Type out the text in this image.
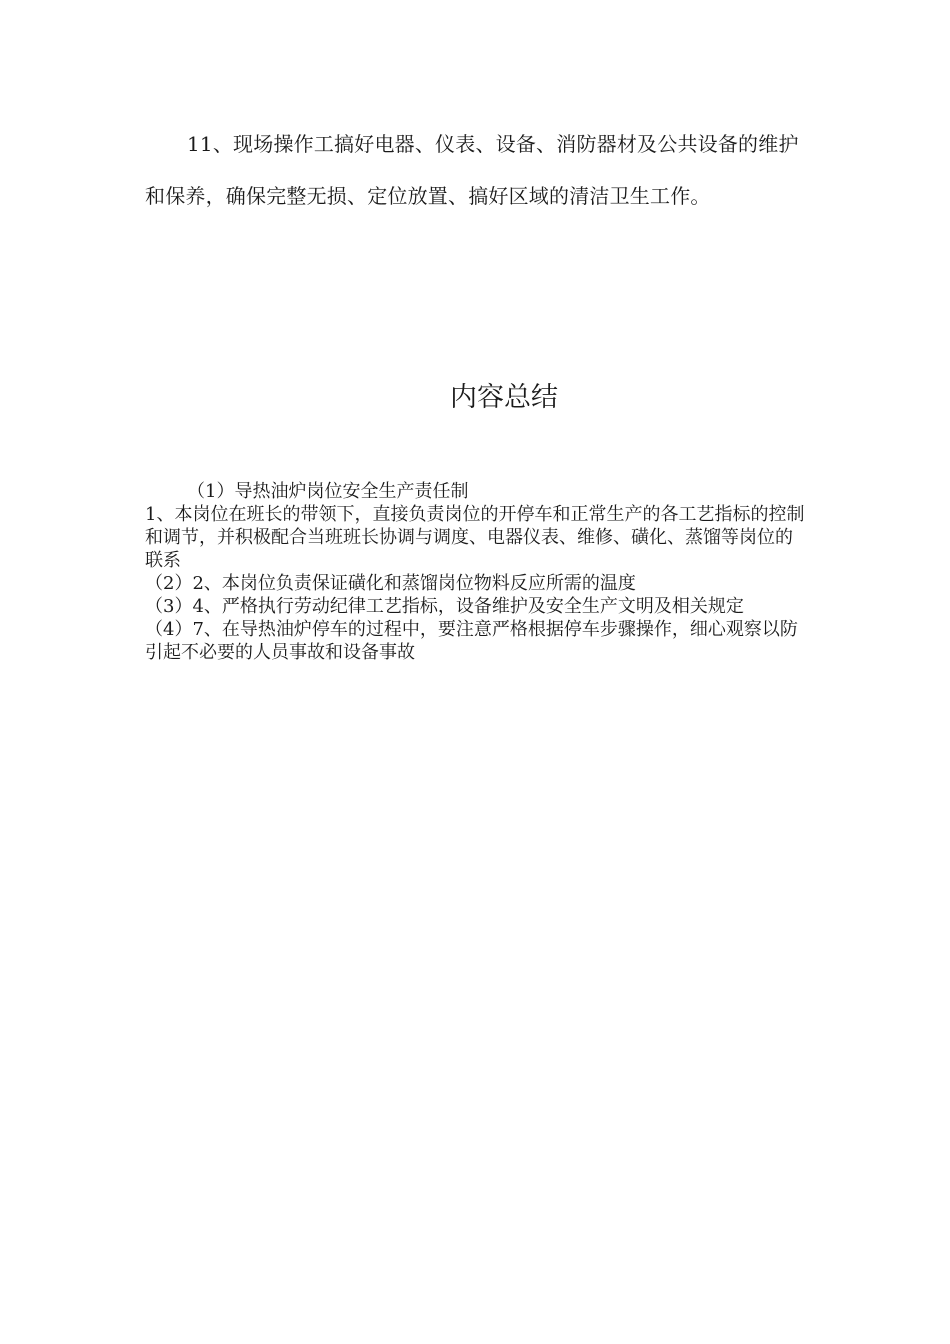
11、现场操作工搞好电器、仪表、设备、消防器材及公共设备的维护和保养，确保完整无损、定位放置、搞好区域的清洁卫生工作。

内容总结

（1）导热油炉岗位安全生产责任制

1、本岗位在班长的带领下，直接负责岗位的开停车和正常生产的各工艺指标的控制和调节，并积极配合当班班长协调与调度、电器仪表、维修、磺化、蒸馏等岗位的联系

（2）2、本岗位负责保证磺化和蒸馏岗位物料反应所需的温度

（3）4、严格执行劳动纪律工艺指标，设备维护及安全生产文明及相关规定

（4）7、在导热油炉停车的过程中，要注意严格根据停车步骤操作，细心观察以防引起不必要的人员事故和设备事故
